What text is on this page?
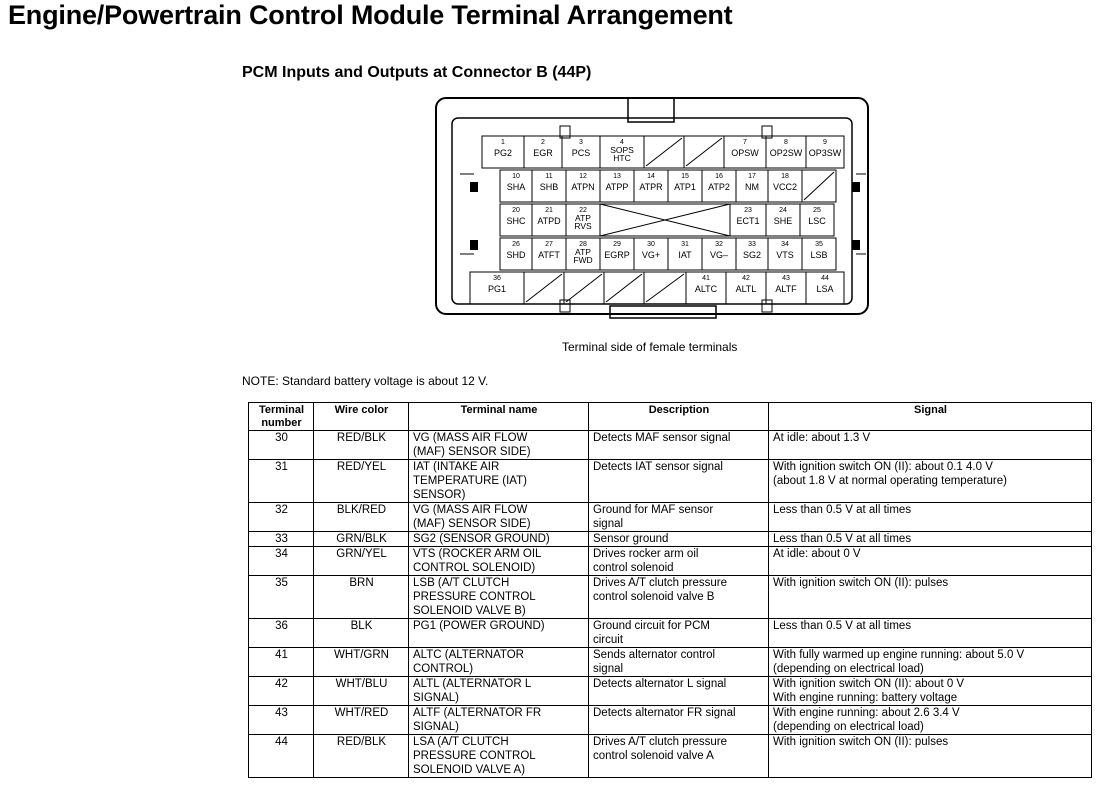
Engine/Powertrain Control Module Terminal Arrangement
PCM Inputs and Outputs at Connector B (44P)
1
PG2
2
EGR
3
PCS
4
SOPS
HTC
7
OPSW
8
OP2SW
9
OP3SW
10
SHA
11
SHB
12
ATPN
13
ATPP
14
ATPR
15
ATP1
16
ATP2
17
NM
18
VCC2
20
SHC
21
ATPD
22
ATP
RVS
23
ECT1
24
SHE
25
LSC
26
SHD
27
ATFT
28
ATP
FWD
29
EGRP
30
VG+
31
IAT
32
VG–
33
SG2
34
VTS
35
LSB
36
PG1
41
ALTC
42
ALTL
43
ALTF
44
LSA
Terminal side of female terminals
NOTE: Standard battery voltage is about 12 V.
Terminal
number	Wire color	Terminal name	Description	Signal
30	RED/BLK	VG (MASS AIR FLOW
(MAF) SENSOR SIDE)	Detects MAF sensor signal	At idle: about 1.3 V
31	RED/YEL	IAT (INTAKE AIR
TEMPERATURE (IAT)
SENSOR)	Detects IAT sensor signal	With ignition switch ON (II): about 0.1 4.0 V
(about 1.8 V at normal operating temperature)
32	BLK/RED	VG (MASS AIR FLOW
(MAF) SENSOR SIDE)	Ground for MAF sensor
signal	Less than 0.5 V at all times
33	GRN/BLK	SG2 (SENSOR GROUND)	Sensor ground	Less than 0.5 V at all times
34	GRN/YEL	VTS (ROCKER ARM OIL
CONTROL SOLENOID)	Drives rocker arm oil
control solenoid	At idle: about 0 V
35	BRN	LSB (A/T CLUTCH
PRESSURE CONTROL
SOLENOID VALVE B)	Drives A/T clutch pressure
control solenoid valve B	With ignition switch ON (II): pulses
36	BLK	PG1 (POWER GROUND)	Ground circuit for PCM
circuit	Less than 0.5 V at all times
41	WHT/GRN	ALTC (ALTERNATOR
CONTROL)	Sends alternator control
signal	With fully warmed up engine running: about 5.0 V
(depending on electrical load)
42	WHT/BLU	ALTL (ALTERNATOR L
SIGNAL)	Detects alternator L signal	With ignition switch ON (II): about 0 V
With engine running: battery voltage
43	WHT/RED	ALTF (ALTERNATOR FR
SIGNAL)	Detects alternator FR signal	With engine running: about 2.6 3.4 V
(depending on electrical load)
44	RED/BLK	LSA (A/T CLUTCH
PRESSURE CONTROL
SOLENOID VALVE A)	Drives A/T clutch pressure
control solenoid valve A	With ignition switch ON (II): pulses
